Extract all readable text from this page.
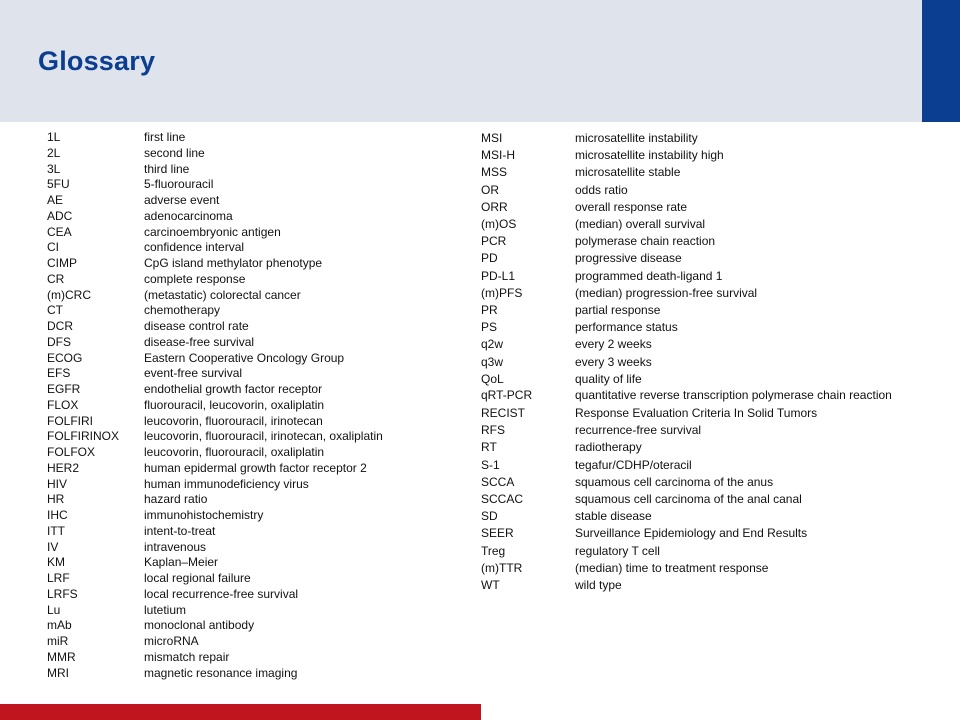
Glossary
1L	first line
2L	second line
3L	third line
5FU	5-fluorouracil
AE	adverse event
ADC	adenocarcinoma
CEA	carcinoembryonic antigen
CI	confidence interval
CIMP	CpG island methylator phenotype
CR	complete response
(m)CRC	(metastatic) colorectal cancer
CT	chemotherapy
DCR	disease control rate
DFS	disease-free survival
ECOG	Eastern Cooperative Oncology Group
EFS	event-free survival
EGFR	endothelial growth factor receptor
FLOX	fluorouracil, leucovorin, oxaliplatin
FOLFIRI	leucovorin, fluorouracil, irinotecan
FOLFIRINOX	leucovorin, fluorouracil, irinotecan, oxaliplatin
FOLFOX	leucovorin, fluorouracil, oxaliplatin
HER2	human epidermal growth factor receptor 2
HIV	human immunodeficiency virus
HR	hazard ratio
IHC	immunohistochemistry
ITT	intent-to-treat
IV	intravenous
KM	Kaplan–Meier
LRF	local regional failure
LRFS	local recurrence-free survival
Lu	lutetium
mAb	monoclonal antibody
miR	microRNA
MMR	mismatch repair
MRI	magnetic resonance imaging
MSI	microsatellite instability
MSI-H	microsatellite instability high
MSS	microsatellite stable
OR	odds ratio
ORR	overall response rate
(m)OS	(median) overall survival
PCR	polymerase chain reaction
PD	progressive disease
PD-L1	programmed death-ligand 1
(m)PFS	(median) progression-free survival
PR	partial response
PS	performance status
q2w	every 2 weeks
q3w	every 3 weeks
QoL	quality of life
qRT-PCR	quantitative reverse transcription polymerase chain reaction
RECIST	Response Evaluation Criteria In Solid Tumors
RFS	recurrence-free survival
RT	radiotherapy
S-1	tegafur/CDHP/oteracil
SCCA	squamous cell carcinoma of the anus
SCCAC	squamous cell carcinoma of the anal canal
SD	stable disease
SEER	Surveillance Epidemiology and End Results
Treg	regulatory T cell
(m)TTR	(median) time to treatment response
WT	wild type
